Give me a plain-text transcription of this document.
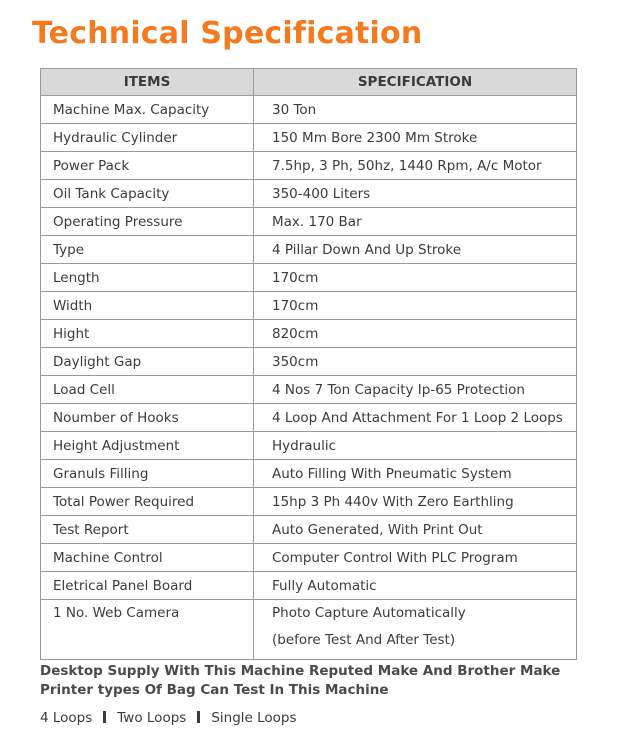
Technical Specification
ITEMS	SPECIFICATION
Machine Max. Capacity	30 Ton
Hydraulic Cylinder	150 Mm Bore 2300 Mm Stroke
Power Pack	7.5hp, 3 Ph, 50hz, 1440 Rpm, A/c Motor
Oil Tank Capacity	350-400 Liters
Operating Pressure	Max. 170 Bar
Type	4 Pillar Down And Up Stroke
Length	170cm
Width	170cm
Hight	820cm
Daylight Gap	350cm
Load Cell	4 Nos 7 Ton Capacity Ip-65 Protection
Noumber of Hooks	4 Loop And Attachment For 1 Loop 2 Loops
Height Adjustment	Hydraulic
Granuls Filling	Auto Filling With Pneumatic System
Total Power Required	15hp 3 Ph 440v With Zero Earthling
Test Report	Auto Generated, With Print Out
Machine Control	Computer Control With PLC Program
Eletrical Panel Board	Fully Automatic

1 No. Web Camera	Photo Capture Automatically
(before Test And After Test)

Desktop Supply With This Machine Reputed Make And Brother Make
Printer types Of Bag Can Test In This Machine

4 Loops Two Loops Single Loops
